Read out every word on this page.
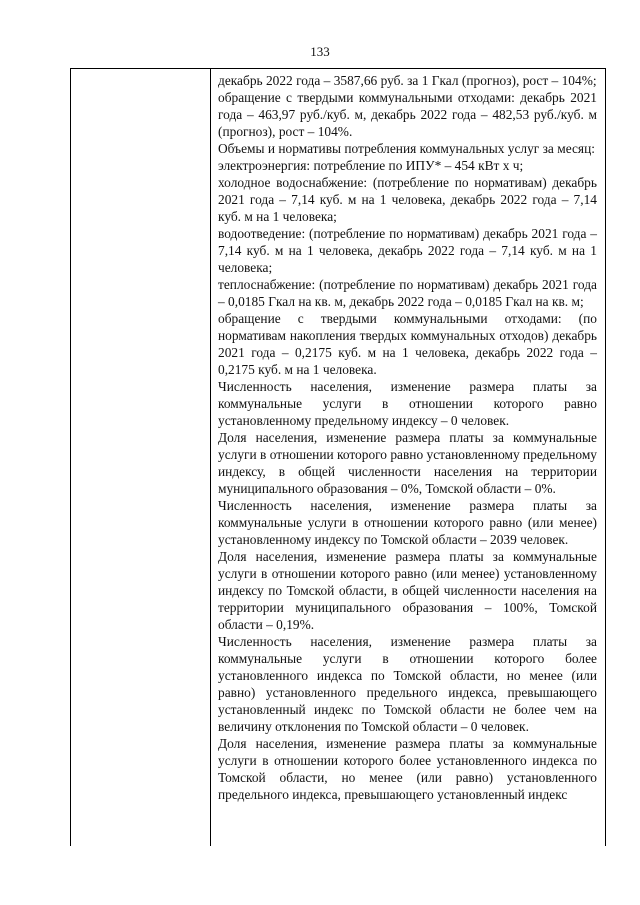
133

декабрь 2022 года – 3587,66 руб. за 1 Гкал (прогноз), рост – 104%;

обращение с твердыми коммунальными отходами: декабрь 2021 года – 463,97 руб./куб. м, декабрь 2022 года – 482,53 руб./куб. м (прогноз), рост – 104%.

Объемы и нормативы потребления коммунальных услуг за месяц:

электроэнергия: потребление по ИПУ* – 454 кВт х ч;

холодное водоснабжение: (потребление по нормативам) декабрь 2021 года – 7,14 куб. м на 1 человека, декабрь 2022 года – 7,14 куб. м на 1 человека;

водоотведение: (потребление по нормативам) декабрь 2021 года – 7,14 куб. м на 1 человека, декабрь 2022 года – 7,14 куб. м на 1 человека;

теплоснабжение: (потребление по нормативам) декабрь 2021 года – 0,0185 Гкал на кв. м, декабрь 2022 года – 0,0185 Гкал на кв. м;

обращение с твердыми коммунальными отходами: (по нормативам накопления твердых коммунальных отходов) декабрь 2021 года – 0,2175 куб. м на 1 человека, декабрь 2022 года – 0,2175 куб. м на 1 человека.

Численность населения, изменение размера платы за коммунальные услуги в отношении которого равно установленному предельному индексу – 0 человек.

Доля населения, изменение размера платы за коммунальные услуги в отношении которого равно установленному предельному индексу, в общей численности населения на территории муниципального образования – 0%, Томской области – 0%.

Численность населения, изменение размера платы за коммунальные услуги в отношении которого равно (или менее) установленному индексу по Томской области – 2039 человек.

Доля населения, изменение размера платы за коммунальные услуги в отношении которого равно (или менее) установленному индексу по Томской области, в общей численности населения на территории муниципального образования – 100%, Томской области – 0,19%.

Численность населения, изменение размера платы за коммунальные услуги в отношении которого более установленного индекса по Томской области, но менее (или равно) установленного предельного индекса, превышающего установленный индекс по Томской области не более чем на величину отклонения по Томской области – 0 человек.

Доля населения, изменение размера платы за коммунальные услуги в отношении которого более установленного индекса по Томской области, но менее (или равно) установленного предельного индекса, превышающего установленный индекс
